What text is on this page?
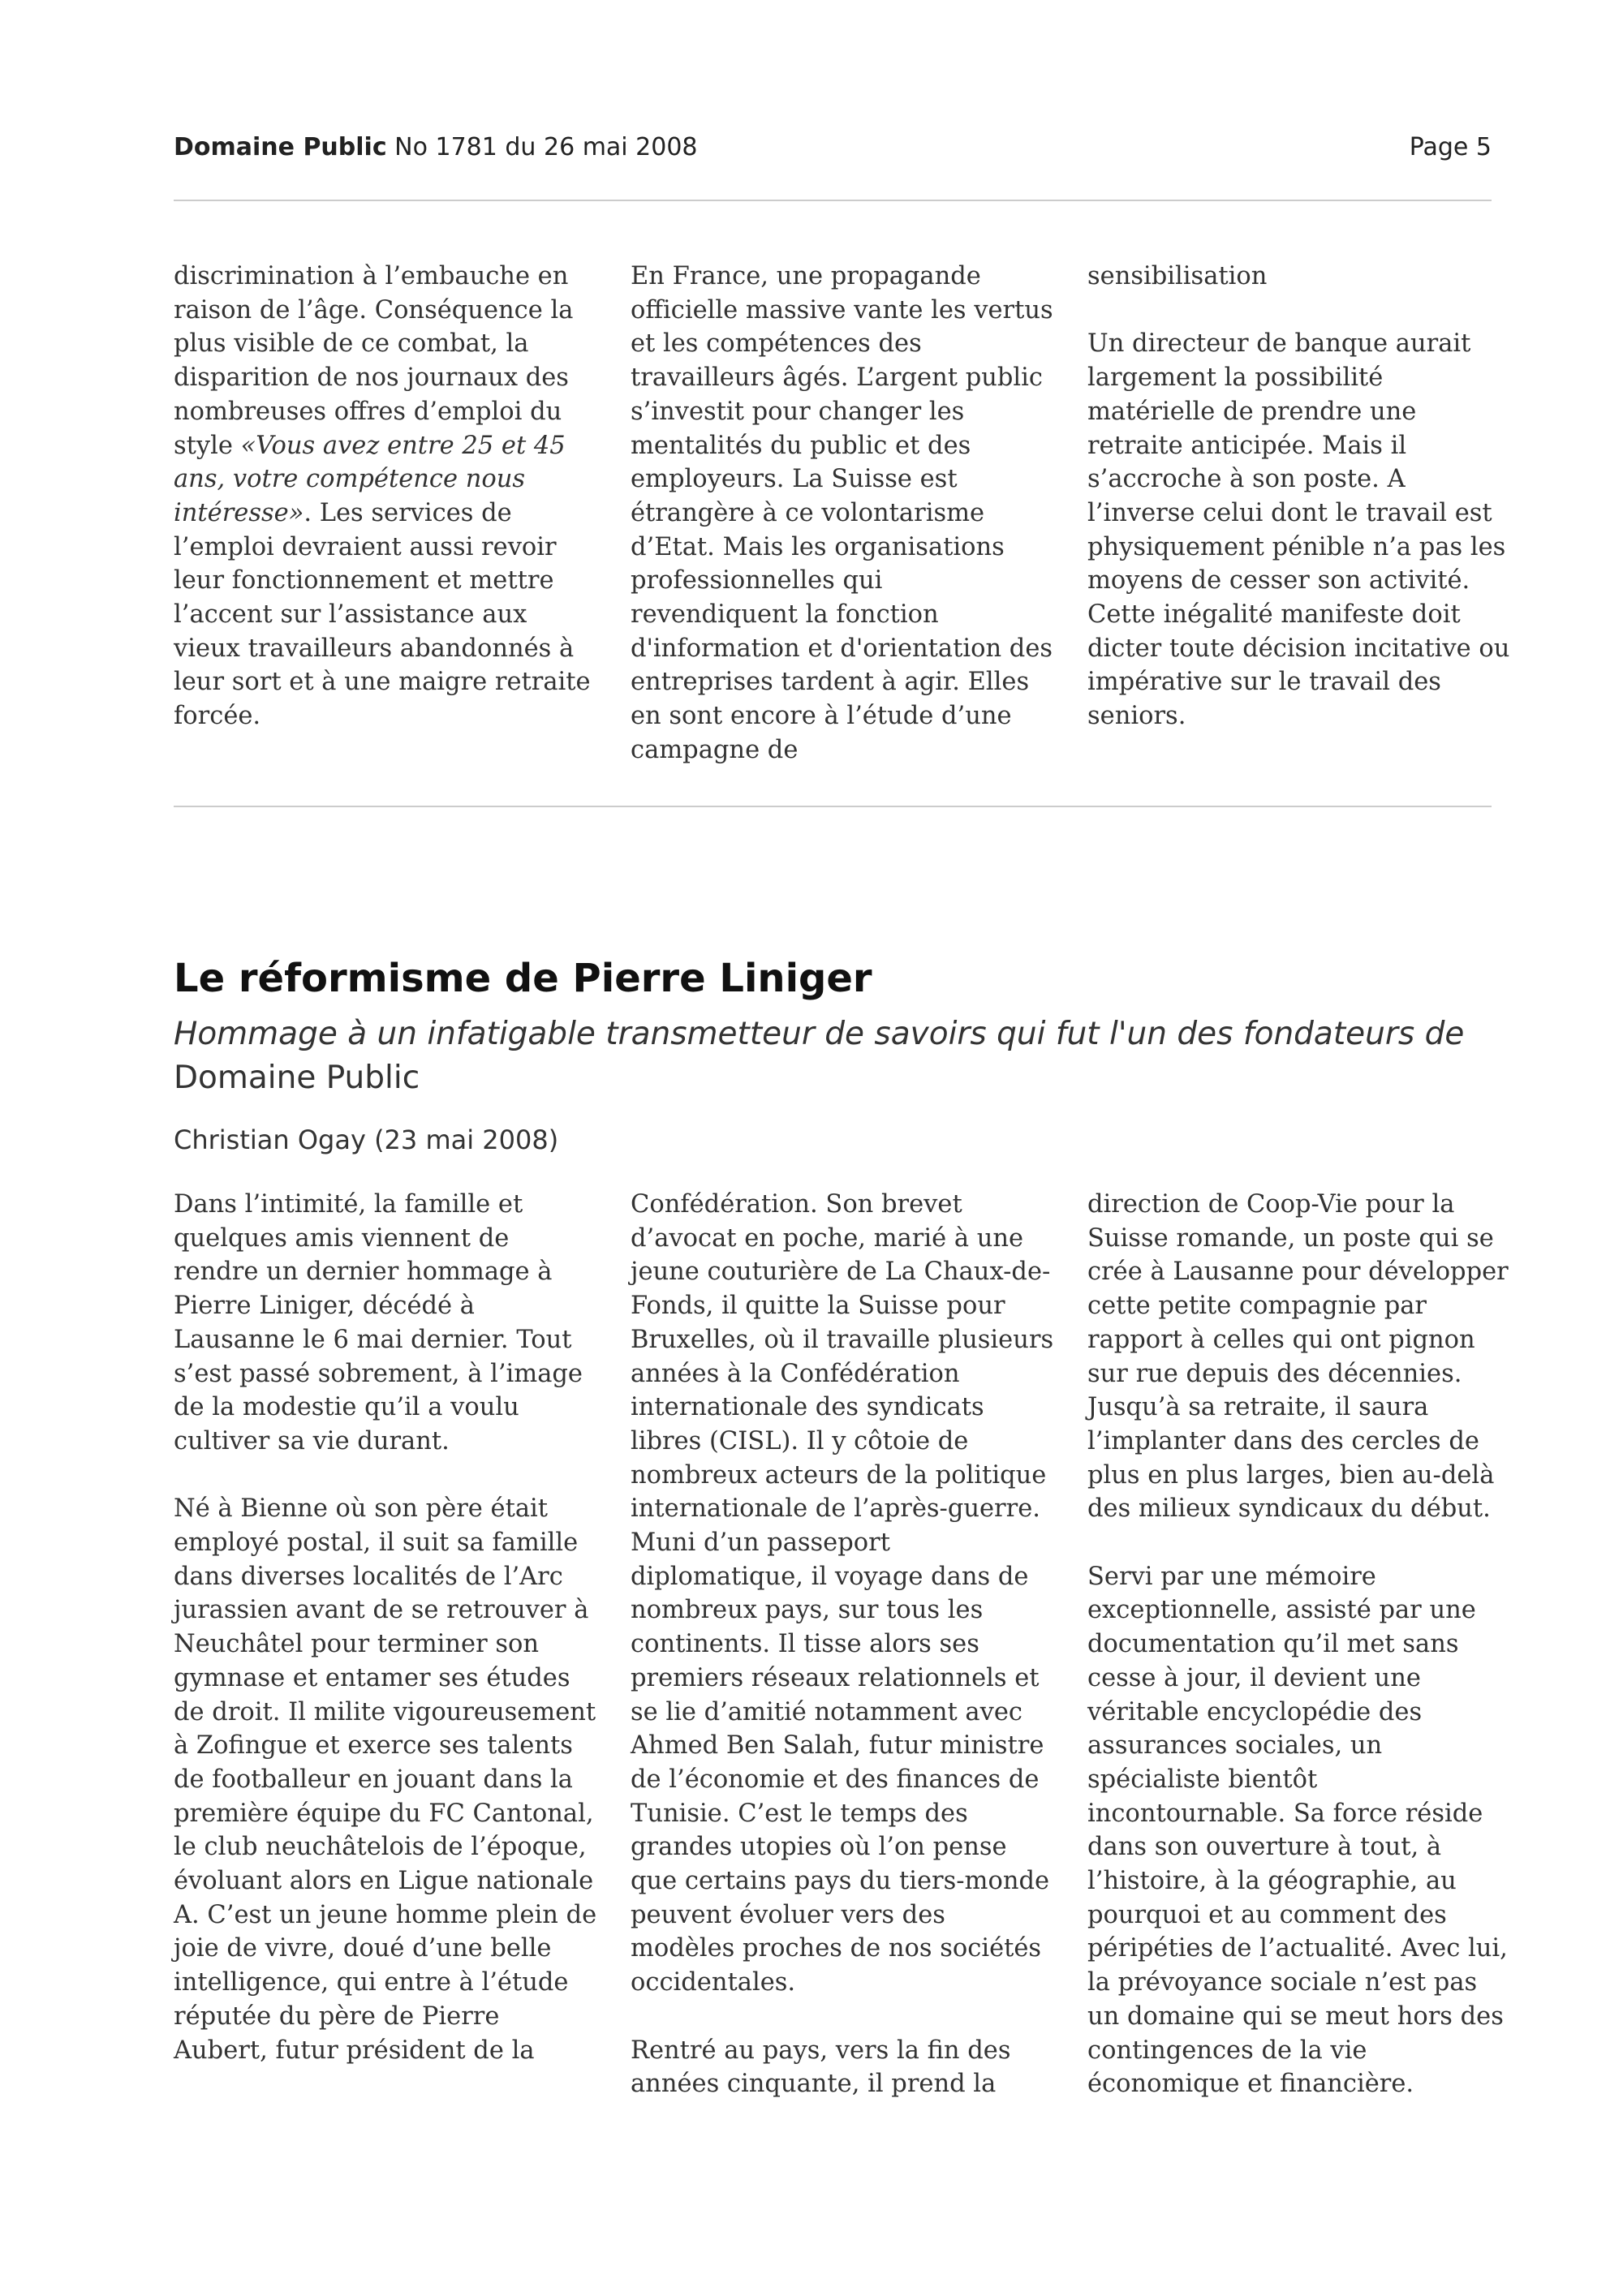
Domaine Public No 1781 du 26 mai 2008	Page 5

discrimination à l’embauche en raison de l’âge. Conséquence la plus visible de ce combat, la disparition de nos journaux des nombreuses offres d’emploi du style «Vous avez entre 25 et 45 ans, votre compétence nous intéresse». Les services de l’emploi devraient aussi revoir leur fonctionnement et mettre l’accent sur l’assistance aux vieux travailleurs abandonnés à leur sort et à une maigre retraite forcée.

En France, une propagande officielle massive vante les vertus et les compétences des travailleurs âgés. L’argent public s’investit pour changer les mentalités du public et des employeurs. La Suisse est étrangère à ce volontarisme d’Etat. Mais les organisations professionnelles qui revendiquent la fonction d'information et d'orientation des entreprises tardent à agir. Elles en sont encore à l’étude d’une campagne de

sensibilisation

Un directeur de banque aurait largement la possibilité matérielle de prendre une retraite anticipée. Mais il s’accroche à son poste. A l’inverse celui dont le travail est physiquement pénible n’a pas les moyens de cesser son activité. Cette inégalité manifeste doit dicter toute décision incitative ou impérative sur le travail des seniors.

Le réformisme de Pierre Liniger

Hommage à un infatigable transmetteur de savoirs qui fut l'un des fondateurs de Domaine Public

Christian Ogay (23 mai 2008)

Dans l’intimité, la famille et quelques amis viennent de rendre un dernier hommage à Pierre Liniger, décédé à Lausanne le 6 mai dernier. Tout s’est passé sobrement, à l’image de la modestie qu’il a voulu cultiver sa vie durant.

Né à Bienne où son père était employé postal, il suit sa famille dans diverses localités de l’Arc jurassien avant de se retrouver à Neuchâtel pour terminer son gymnase et entamer ses études de droit. Il milite vigoureusement à Zofingue et exerce ses talents de footballeur en jouant dans la première équipe du FC Cantonal, le club neuchâtelois de l’époque, évoluant alors en Ligue nationale A. C’est un jeune homme plein de joie de vivre, doué d’une belle intelligence, qui entre à l’étude réputée du père de Pierre Aubert, futur président de la

Confédération. Son brevet d’avocat en poche, marié à une jeune couturière de La Chaux-de-Fonds, il quitte la Suisse pour Bruxelles, où il travaille plusieurs années à la Confédération internationale des syndicats libres (CISL). Il y côtoie de nombreux acteurs de la politique internationale de l’après-guerre. Muni d’un passeport diplomatique, il voyage dans de nombreux pays, sur tous les continents. Il tisse alors ses premiers réseaux relationnels et se lie d’amitié notamment avec Ahmed Ben Salah, futur ministre de l’économie et des finances de Tunisie. C’est le temps des grandes utopies où l’on pense que certains pays du tiers-monde peuvent évoluer vers des modèles proches de nos sociétés occidentales.

Rentré au pays, vers la fin des années cinquante, il prend la

direction de Coop-Vie pour la Suisse romande, un poste qui se crée à Lausanne pour développer cette petite compagnie par rapport à celles qui ont pignon sur rue depuis des décennies. Jusqu’à sa retraite, il saura l’implanter dans des cercles de plus en plus larges, bien au-delà des milieux syndicaux du début.

Servi par une mémoire exceptionnelle, assisté par une documentation qu’il met sans cesse à jour, il devient une véritable encyclopédie des assurances sociales, un spécialiste bientôt incontournable. Sa force réside dans son ouverture à tout, à l’histoire, à la géographie, au pourquoi et au comment des péripéties de l’actualité. Avec lui, la prévoyance sociale n’est pas un domaine qui se meut hors des contingences de la vie économique et financière.
